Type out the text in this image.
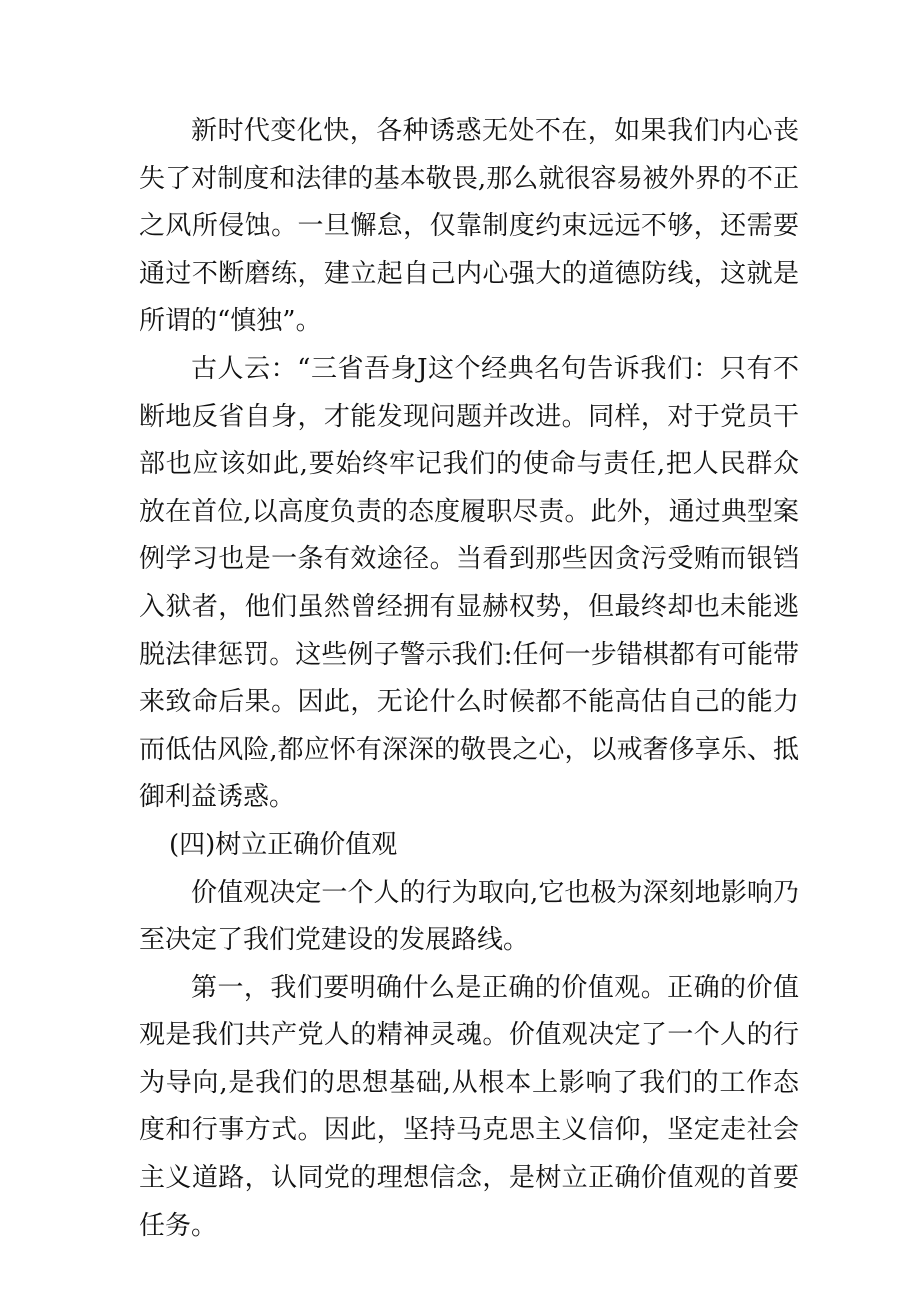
新时代变化快，各种诱惑无处不在，如果我们内心丧失了对制度和法律的基本敬畏,那么就很容易被外界的不正之风所侵蚀。一旦懈怠，仅靠制度约束远远不够，还需要通过不断磨练，建立起自己内心强大的道德防线，这就是所谓的“慎独”。

古人云：“三省吾身J这个经典名句告诉我们：只有不断地反省自身，才能发现问题并改进。同样，对于党员干部也应该如此,要始终牢记我们的使命与责任,把人民群众放在首位,以高度负责的态度履职尽责。此外，通过典型案例学习也是一条有效途径。当看到那些因贪污受贿而银铛入狱者，他们虽然曾经拥有显赫权势，但最终却也未能逃脱法律惩罚。这些例子警示我们:任何一步错棋都有可能带来致命后果。因此，无论什么时候都不能高估自己的能力而低估风险,都应怀有深深的敬畏之心，以戒奢侈享乐、抵御利益诱惑。

(四)树立正确价值观

价值观决定一个人的行为取向,它也极为深刻地影响乃至决定了我们党建设的发展路线。

第一，我们要明确什么是正确的价值观。正确的价值观是我们共产党人的精神灵魂。价值观决定了一个人的行为导向,是我们的思想基础,从根本上影响了我们的工作态度和行事方式。因此，坚持马克思主义信仰，坚定走社会主义道路，认同党的理想信念，是树立正确价值观的首要任务。
